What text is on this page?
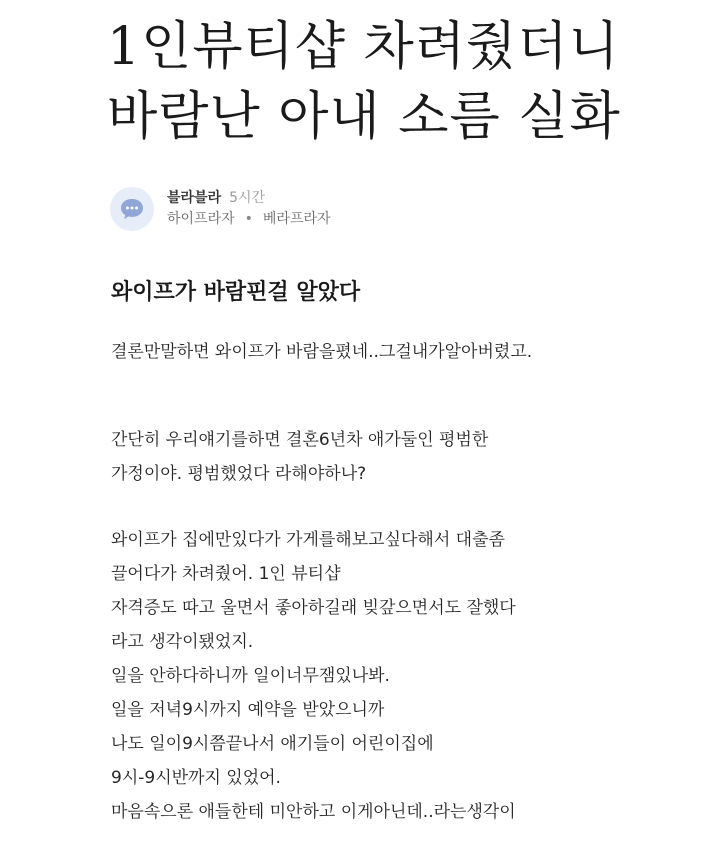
1인뷰티샵 차려줬더니
바람난 아내 소름 실화
블라블라 5시간
하이프라자 • 베라프라자
와이프가 바람핀걸 알았다
결론만말하면 와이프가 바람을폈네..그걸내가알아버렸고.
간단히 우리얘기를하면 결혼6년차 애가둘인 평범한
가정이야. 평범했었다 라해야하나?
와이프가 집에만있다가 가게를해보고싶다해서 대출좀
끌어다가 차려줬어. 1인 뷰티샵
자격증도 따고 울면서 좋아하길래 빚갚으면서도 잘했다
라고 생각이됐었지.
일을 안하다하니까 일이너무잼있나봐.
일을 저녁9시까지 예약을 받았으니까
나도 일이9시쯤끝나서 애기들이 어린이집에
9시-9시반까지 있었어.
마음속으론 애들한테 미안하고 이게아닌데..라는생각이
